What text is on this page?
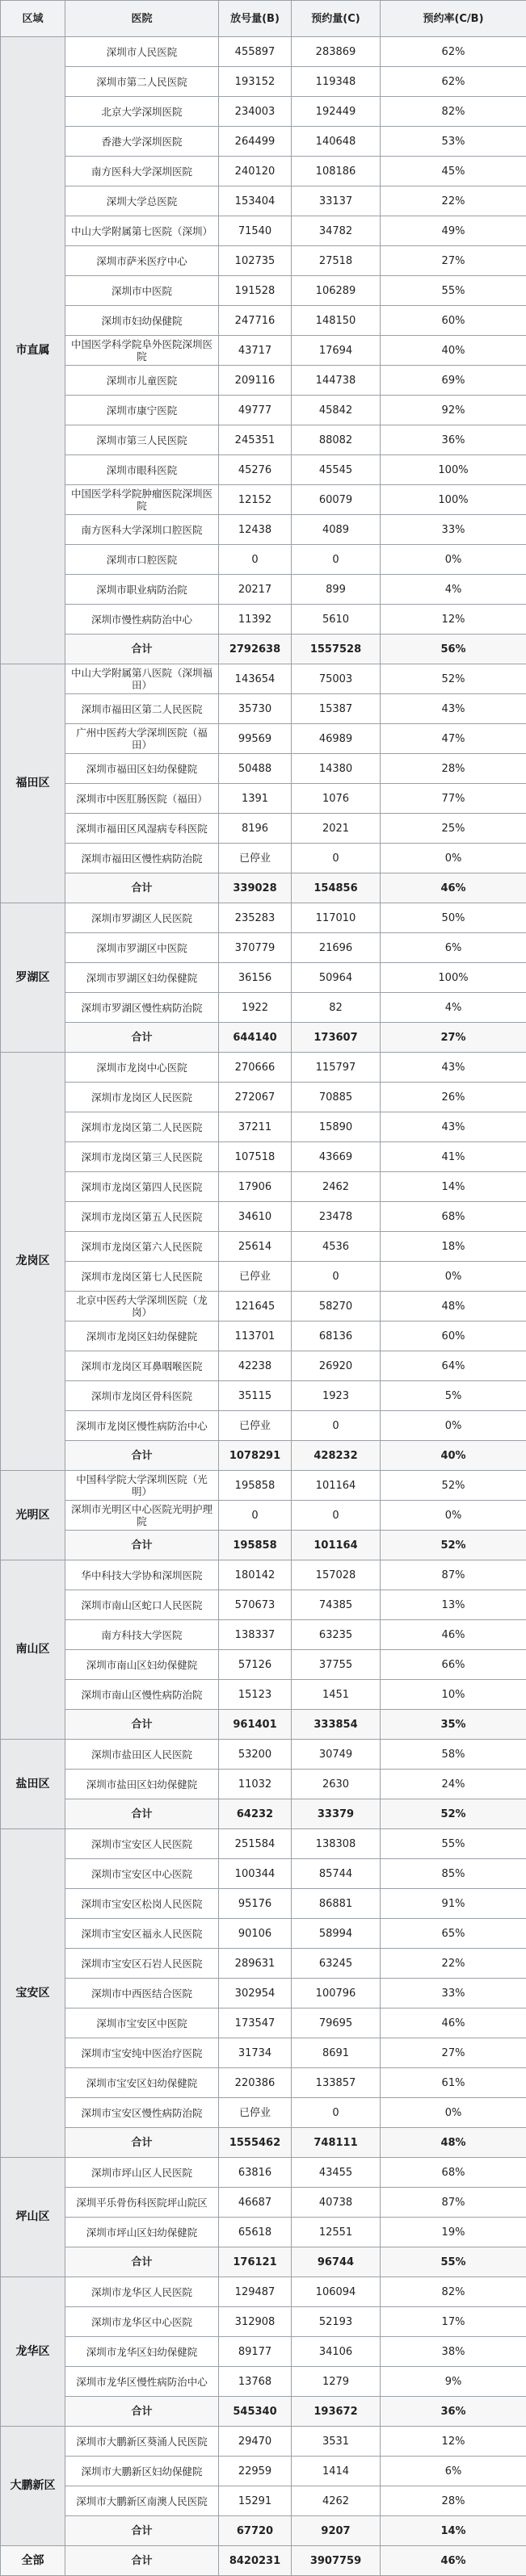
区域	医院	放号量(B)	预约量(C)	预约率(C/B)
市直属	深圳市人民医院	455897	283869	62%
	深圳市第二人民医院	193152	119348	62%
	北京大学深圳医院	234003	192449	82%
	香港大学深圳医院	264499	140648	53%
	南方医科大学深圳医院	240120	108186	45%
	深圳大学总医院	153404	33137	22%
	中山大学附属第七医院（深圳）	71540	34782	49%
	深圳市萨米医疗中心	102735	27518	27%
	深圳市中医院	191528	106289	55%
	深圳市妇幼保健院	247716	148150	60%
	中国医学科学院阜外医院深圳医院	43717	17694	40%
	深圳市儿童医院	209116	144738	69%
	深圳市康宁医院	49777	45842	92%
	深圳市第三人民医院	245351	88082	36%
	深圳市眼科医院	45276	45545	100%
	中国医学科学院肿瘤医院深圳医院	12152	60079	100%
	南方医科大学深圳口腔医院	12438	4089	33%
	深圳市口腔医院	0	0	0%
	深圳市职业病防治院	20217	899	4%
	深圳市慢性病防治中心	11392	5610	12%
	合计	2792638	1557528	56%
福田区	中山大学附属第八医院（深圳福田）	143654	75003	52%
	深圳市福田区第二人民医院	35730	15387	43%
	广州中医药大学深圳医院（福田）	99569	46989	47%
	深圳市福田区妇幼保健院	50488	14380	28%
	深圳市中医肛肠医院（福田）	1391	1076	77%
	深圳市福田区风湿病专科医院	8196	2021	25%
	深圳市福田区慢性病防治院	已停业	0	0%
	合计	339028	154856	46%
罗湖区	深圳市罗湖区人民医院	235283	117010	50%
	深圳市罗湖区中医院	370779	21696	6%
	深圳市罗湖区妇幼保健院	36156	50964	100%
	深圳市罗湖区慢性病防治院	1922	82	4%
	合计	644140	173607	27%
龙岗区	深圳市龙岗中心医院	270666	115797	43%
	深圳市龙岗区人民医院	272067	70885	26%
	深圳市龙岗区第二人民医院	37211	15890	43%
	深圳市龙岗区第三人民医院	107518	43669	41%
	深圳市龙岗区第四人民医院	17906	2462	14%
	深圳市龙岗区第五人民医院	34610	23478	68%
	深圳市龙岗区第六人民医院	25614	4536	18%
	深圳市龙岗区第七人民医院	已停业	0	0%
	北京中医药大学深圳医院（龙岗）	121645	58270	48%
	深圳市龙岗区妇幼保健院	113701	68136	60%
	深圳市龙岗区耳鼻咽喉医院	42238	26920	64%
	深圳市龙岗区骨科医院	35115	1923	5%
	深圳市龙岗区慢性病防治中心	已停业	0	0%
	合计	1078291	428232	40%
光明区	中国科学院大学深圳医院（光明）	195858	101164	52%
	深圳市光明区中心医院光明护理院	0	0	0%
	合计	195858	101164	52%
南山区	华中科技大学协和深圳医院	180142	157028	87%
	深圳市南山区蛇口人民医院	570673	74385	13%
	南方科技大学医院	138337	63235	46%
	深圳市南山区妇幼保健院	57126	37755	66%
	深圳市南山区慢性病防治院	15123	1451	10%
	合计	961401	333854	35%
盐田区	深圳市盐田区人民医院	53200	30749	58%
	深圳市盐田区妇幼保健院	11032	2630	24%
	合计	64232	33379	52%
宝安区	深圳市宝安区人民医院	251584	138308	55%
	深圳市宝安区中心医院	100344	85744	85%
	深圳市宝安区松岗人民医院	95176	86881	91%
	深圳市宝安区福永人民医院	90106	58994	65%
	深圳市宝安区石岩人民医院	289631	63245	22%
	深圳市中西医结合医院	302954	100796	33%
	深圳市宝安区中医院	173547	79695	46%
	深圳市宝安纯中医治疗医院	31734	8691	27%
	深圳市宝安区妇幼保健院	220386	133857	61%
	深圳市宝安区慢性病防治院	已停业	0	0%
	合计	1555462	748111	48%
坪山区	深圳市坪山区人民医院	63816	43455	68%
	深圳平乐骨伤科医院坪山院区	46687	40738	87%
	深圳市坪山区妇幼保健院	65618	12551	19%
	合计	176121	96744	55%
龙华区	深圳市龙华区人民医院	129487	106094	82%
	深圳市龙华区中心医院	312908	52193	17%
	深圳市龙华区妇幼保健院	89177	34106	38%
	深圳市龙华区慢性病防治中心	13768	1279	9%
	合计	545340	193672	36%
大鹏新区	深圳市大鹏新区葵涌人民医院	29470	3531	12%
	深圳市大鹏新区妇幼保健院	22959	1414	6%
	深圳市大鹏新区南澳人民医院	15291	4262	28%
	合计	67720	9207	14%
全部	合计	8420231	3907759	46%
